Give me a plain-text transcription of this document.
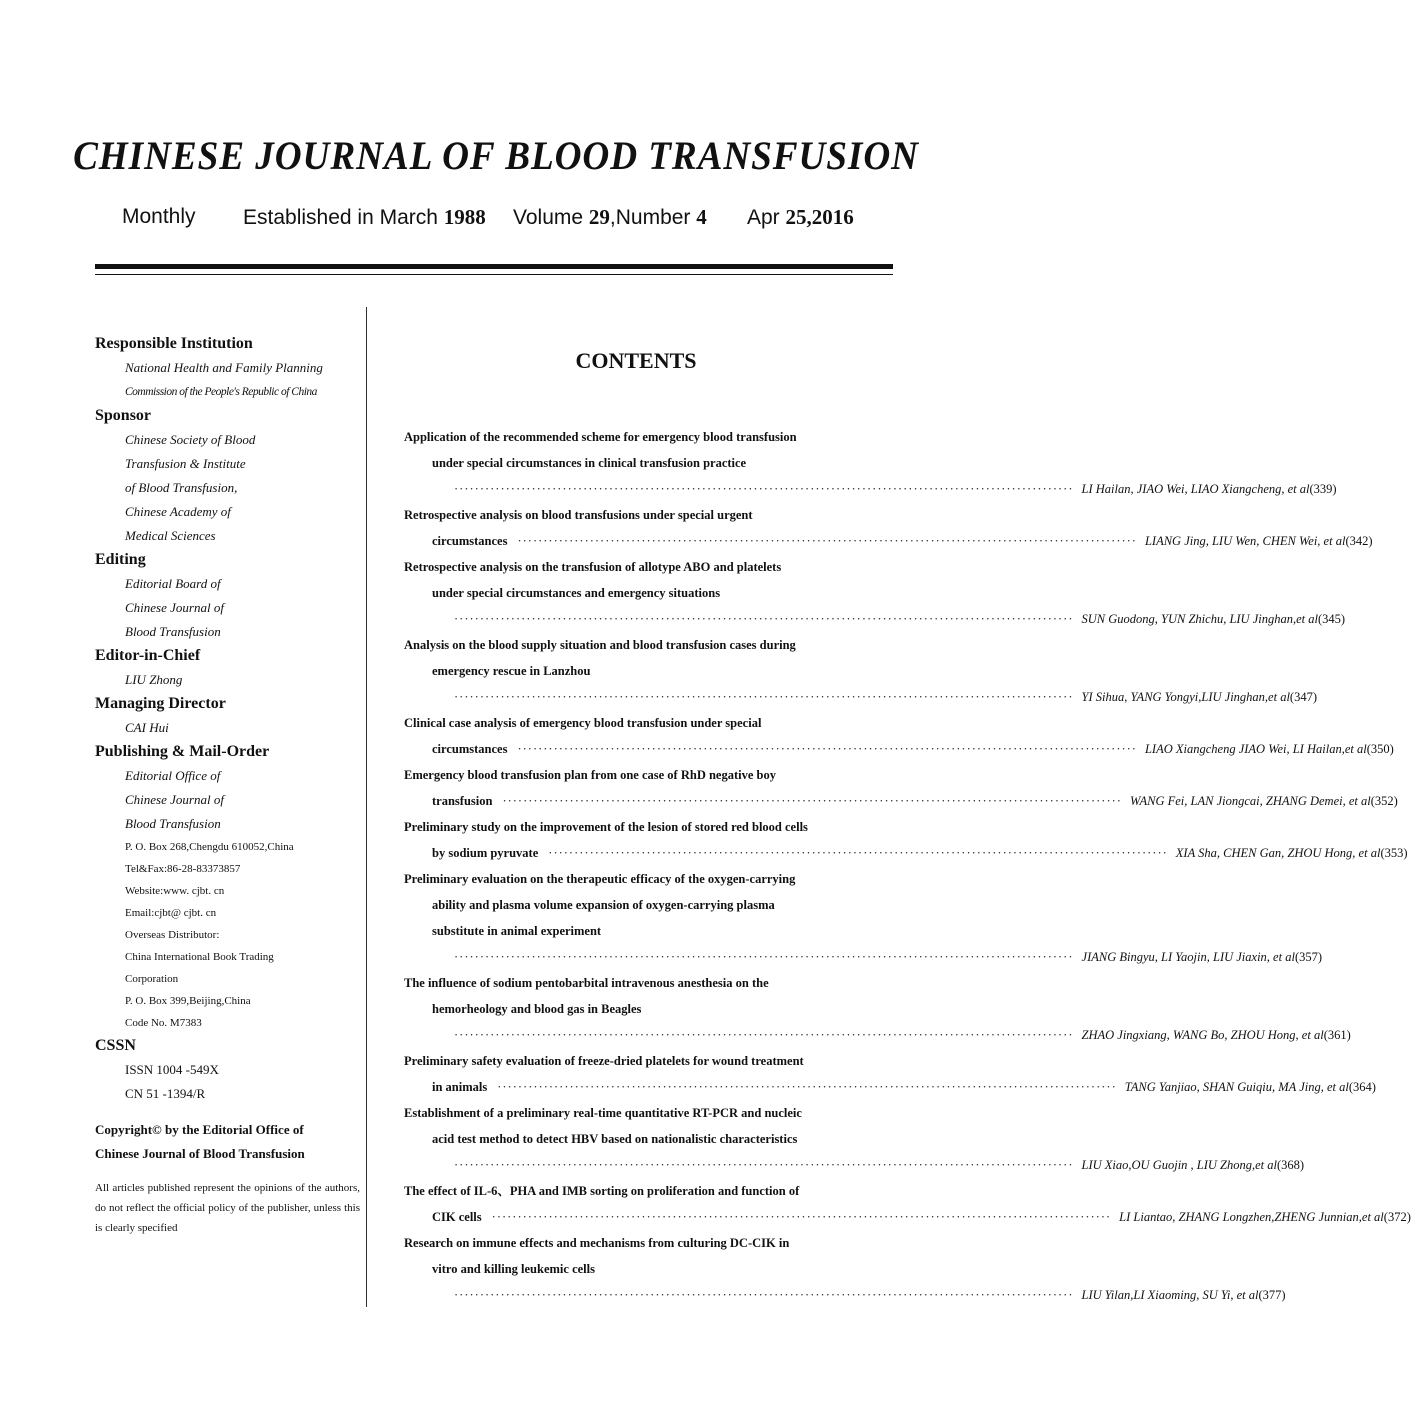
CHINESE JOURNAL OF BLOOD TRANSFUSION
Monthly Established in March 1988 Volume 29,Number 4 Apr 25,2016
Responsible Institution
National Health and Family Planning
Commission of the People's Republic of China
Sponsor
Chinese Society of Blood
Transfusion & Institute
of Blood Transfusion,
Chinese Academy of
Medical Sciences
Editing
Editorial Board of
Chinese Journal of
Blood Transfusion
Editor-in-Chief
LIU Zhong
Managing Director
CAI Hui
Publishing & Mail-Order
Editorial Office of
Chinese Journal of
Blood Transfusion
P. O. Box 268,Chengdu 610052,China
Tel&Fax:86-28-83373857
Website:www. cjbt. cn
Email:cjbt@ cjbt. cn
Overseas Distributor:
China International Book Trading
Corporation
P. O. Box 399,Beijing,China
Code No. M7383
CSSN
ISSN 1004 -549X
CN 51 -1394/R
Copyright© by the Editorial Office of
Chinese Journal of Blood Transfusion
All articles published represent the opinions of the authors, do not reflect the official policy of the publisher, unless this is clearly specified
CONTENTS
Application of the recommended scheme for emergency blood transfusion
under special circumstances in clinical transfusion practice
························································································································ LI Hailan, JIAO Wei, LIAO Xiangcheng, et al (339)
Retrospective analysis on blood transfusions under special urgent
circumstances ························································································································ LIANG Jing, LIU Wen, CHEN Wei, et al (342)
Retrospective analysis on the transfusion of allotype ABO and platelets
under special circumstances and emergency situations
························································································································ SUN Guodong, YUN Zhichu, LIU Jinghan,et al (345)
Analysis on the blood supply situation and blood transfusion cases during
emergency rescue in Lanzhou
························································································································ YI Sihua, YANG Yongyi,LIU Jinghan,et al (347)
Clinical case analysis of emergency blood transfusion under special
circumstances ························································································································ LIAO Xiangcheng JIAO Wei, LI Hailan,et al (350)
Emergency blood transfusion plan from one case of RhD negative boy
transfusion ························································································································ WANG Fei, LAN Jiongcai, ZHANG Demei, et al (352)
Preliminary study on the improvement of the lesion of stored red blood cells
by sodium pyruvate ························································································································ XIA Sha, CHEN Gan, ZHOU Hong, et al (353)
Preliminary evaluation on the therapeutic efficacy of the oxygen-carrying
ability and plasma volume expansion of oxygen-carrying plasma
substitute in animal experiment
························································································································ JIANG Bingyu, LI Yaojin, LIU Jiaxin, et al (357)
The influence of sodium pentobarbital intravenous anesthesia on the
hemorheology and blood gas in Beagles
························································································································ ZHAO Jingxiang, WANG Bo, ZHOU Hong, et al (361)
Preliminary safety evaluation of freeze-dried platelets for wound treatment
in animals ························································································································ TANG Yanjiao, SHAN Guiqiu, MA Jing, et al (364)
Establishment of a preliminary real-time quantitative RT-PCR and nucleic
acid test method to detect HBV based on nationalistic characteristics
························································································································ LIU Xiao,OU Guojin , LIU Zhong,et al (368)
The effect of IL-6、PHA and IMB sorting on proliferation and function of
CIK cells ························································································································ LI Liantao, ZHANG Longzhen,ZHENG Junnian,et al (372)
Research on immune effects and mechanisms from culturing DC-CIK in
vitro and killing leukemic cells
························································································································ LIU Yilan,LI Xiaoming, SU Yi, et al (377)
